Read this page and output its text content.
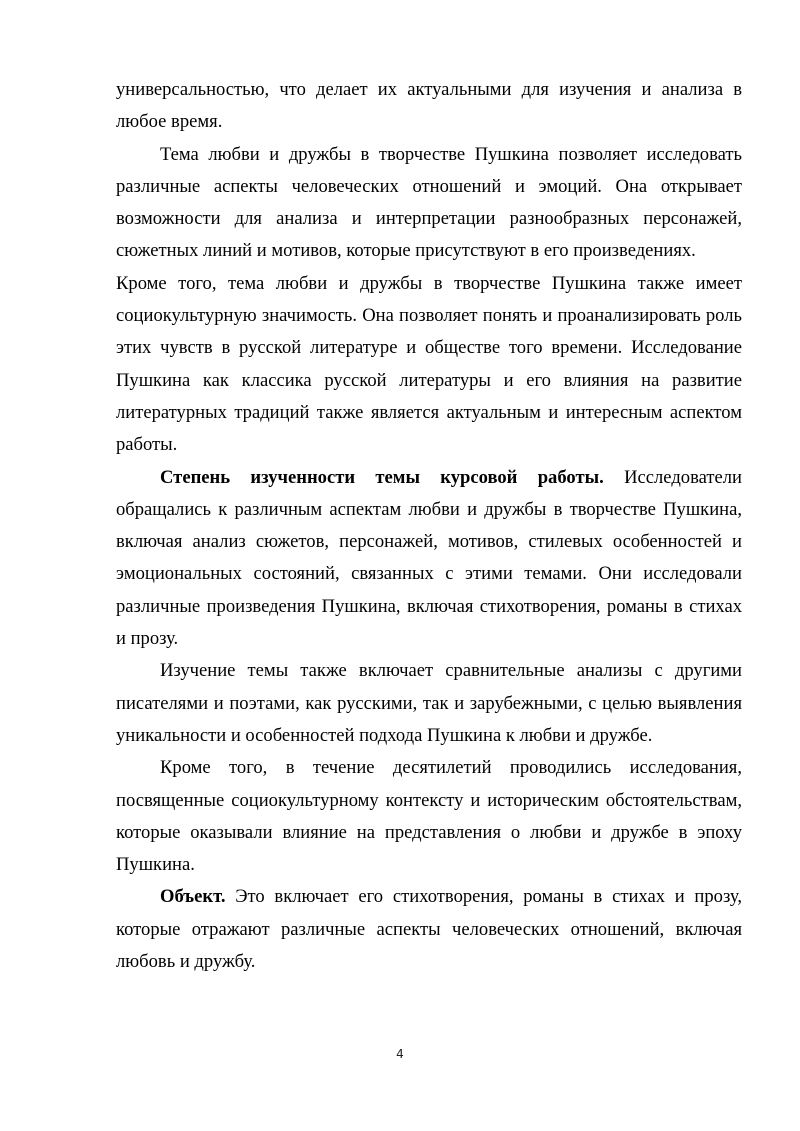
универсальностью, что делает их актуальными для изучения и анализа в любое время.

Тема любви и дружбы в творчестве Пушкина позволяет исследовать различные аспекты человеческих отношений и эмоций. Она открывает возможности для анализа и интерпретации разнообразных персонажей, сюжетных линий и мотивов, которые присутствуют в его произведениях.

Кроме того, тема любви и дружбы в творчестве Пушкина также имеет социокультурную значимость. Она позволяет понять и проанализировать роль этих чувств в русской литературе и обществе того времени. Исследование Пушкина как классика русской литературы и его влияния на развитие литературных традиций также является актуальным и интересным аспектом работы.

Степень изученности темы курсовой работы. Исследователи обращались к различным аспектам любви и дружбы в творчестве Пушкина, включая анализ сюжетов, персонажей, мотивов, стилевых особенностей и эмоциональных состояний, связанных с этими темами. Они исследовали различные произведения Пушкина, включая стихотворения, романы в стихах и прозу.

Изучение темы также включает сравнительные анализы с другими писателями и поэтами, как русскими, так и зарубежными, с целью выявления уникальности и особенностей подхода Пушкина к любви и дружбе.

Кроме того, в течение десятилетий проводились исследования, посвященные социокультурному контексту и историческим обстоятельствам, которые оказывали влияние на представления о любви и дружбе в эпоху Пушкина.

Объект. Это включает его стихотворения, романы в стихах и прозу, которые отражают различные аспекты человеческих отношений, включая любовь и дружбу.

4
